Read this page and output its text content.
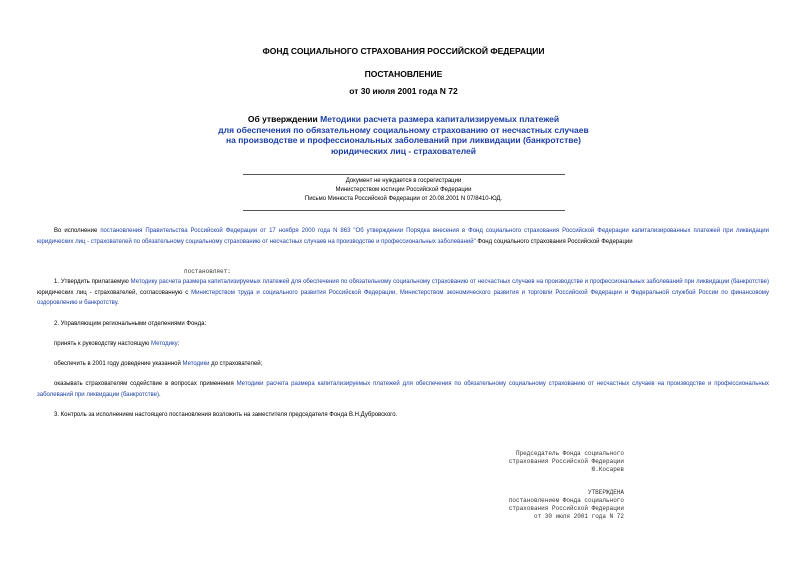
ФОНД СОЦИАЛЬНОГО СТРАХОВАНИЯ РОССИЙСКОЙ ФЕДЕРАЦИИ
ПОСТАНОВЛЕНИЕ
от 30 июля 2001 года N 72
Об утверждении Методики расчета размера капитализируемых платежей
для обеспечения по обязательному социальному страхованию от несчастных случаев
на производстве и профессиональных заболеваний при ликвидации (банкротстве)
юридических лиц - страхователей
Документ не нуждается в госрегистрации
Министерством юстиции Российской Федерации
Письмо Минюста Российской Федерации от 20.08.2001 N 07/8410-ЮД.
Во исполнение постановления Правительства Российской Федерации от 17 ноября 2000 года N 863 "Об утверждении Порядка внесения в Фонд социального страхования Российской Федерации капитализированных платежей при ликвидации юридических лиц - страхователей по обязательному социальному страхованию от несчастных случаев на производстве и профессиональных заболеваний" Фонд социального страхования Российской Федерации
постановляет:
1. Утвердить прилагаемую Методику расчета размера капитализируемых платежей для обеспечения по обязательному социальному страхованию от несчастных случаев на производстве и профессиональных заболеваний при ликвидации (банкротстве) юридических лиц - страхователей, согласованную с Министерством труда и социального развития Российской Федерации, Министерством экономического развития и торговли Российской Федерации и Федеральной службой России по финансовому оздоровлению и банкротству.
2. Управляющим региональными отделениями Фонда:
принять к руководству настоящую Методику;
обеспечить в 2001 году доведение указанной Методики до страхователей;
оказывать страхователям содействие в вопросах применения Методики расчета размера капитализируемых платежей для обеспечения по обязательному социальному страхованию от несчастных случаев на производстве и профессиональных заболеваний при ликвидации (банкротстве).
3. Контроль за исполнением настоящего постановления возложить на заместителя председателя Фонда В.Н.Дубровского.
Председатель Фонда социального
страхования Российской Федерации
Ю.Косарев
УТВЕРЖДЕНА
постановлением Фонда социального
страхования Российской Федерации
от 30 июля 2001 года N 72
